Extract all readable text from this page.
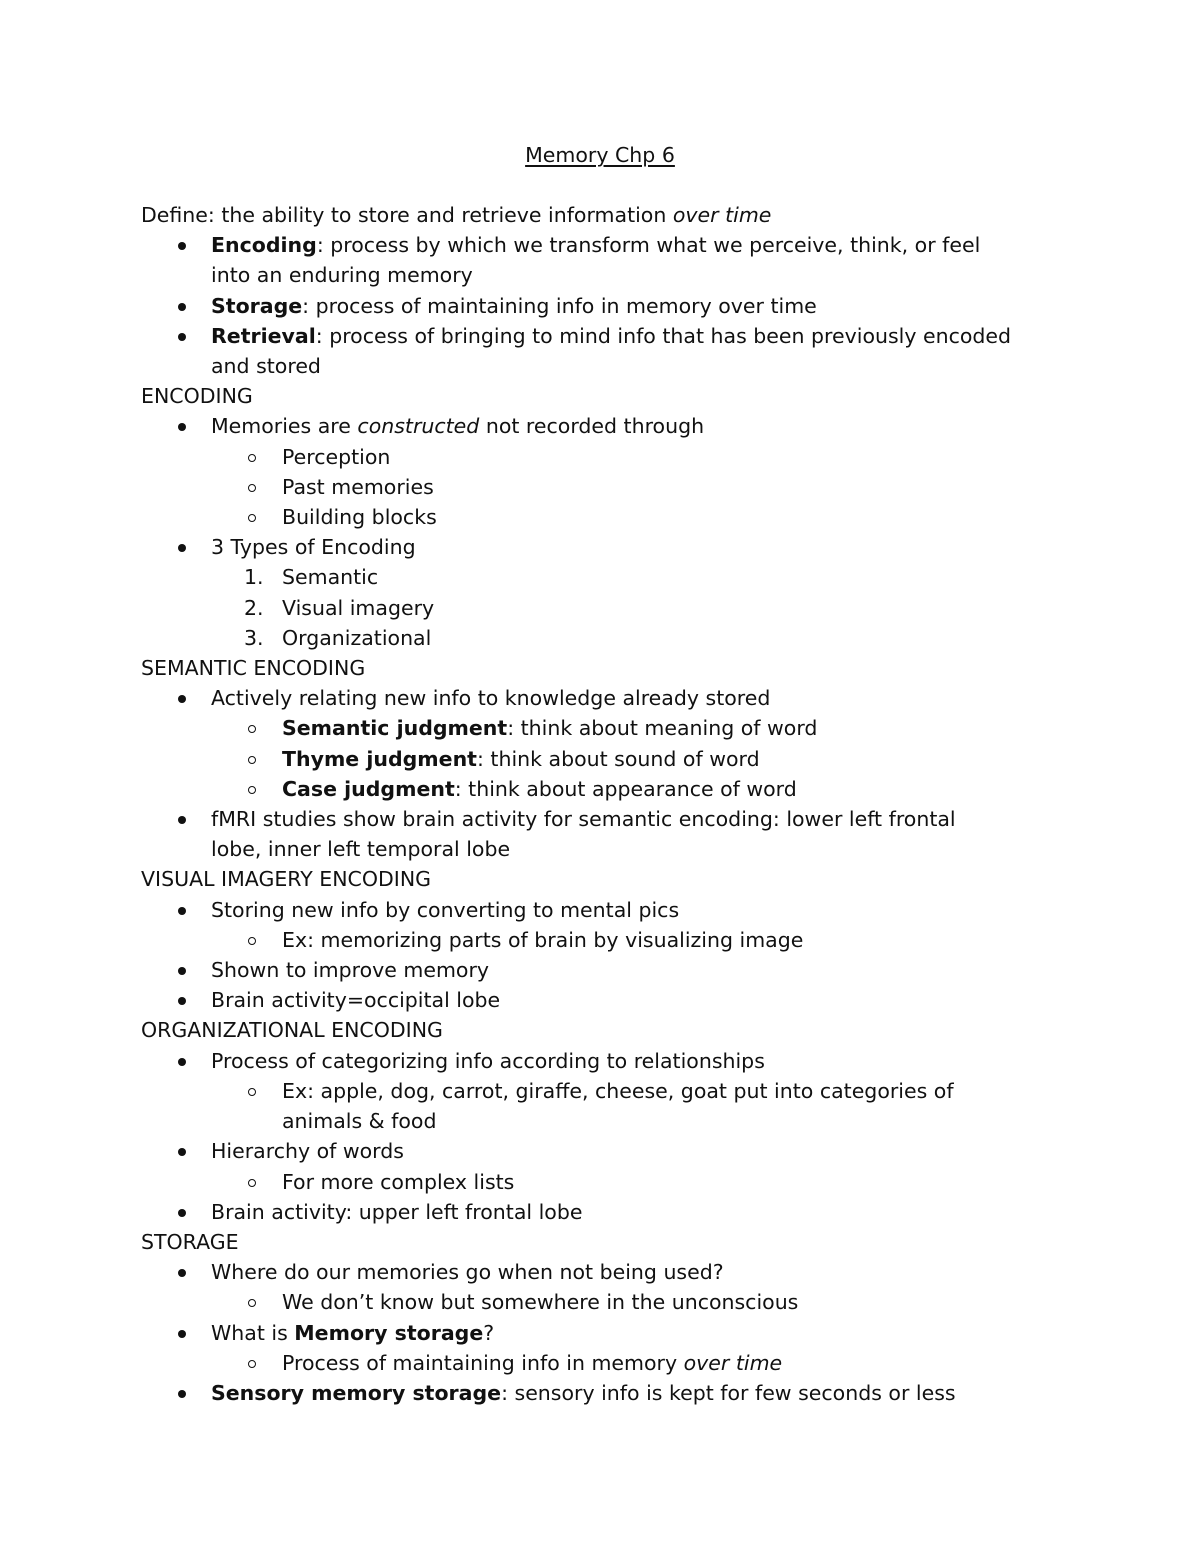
Memory Chp 6
Define: the ability to store and retrieve information over time
Encoding: process by which we transform what we perceive, think, or feel
into an enduring memory
Storage: process of maintaining info in memory over time
Retrieval: process of bringing to mind info that has been previously encoded
and stored
ENCODING
Memories are constructed not recorded through
Perception
Past memories
Building blocks
3 Types of Encoding
1. Semantic
2. Visual imagery
3. Organizational
SEMANTIC ENCODING
Actively relating new info to knowledge already stored
Semantic judgment: think about meaning of word
Thyme judgment: think about sound of word
Case judgment: think about appearance of word
fMRI studies show brain activity for semantic encoding: lower left frontal
lobe, inner left temporal lobe
VISUAL IMAGERY ENCODING
Storing new info by converting to mental pics
Ex: memorizing parts of brain by visualizing image
Shown to improve memory
Brain activity=occipital lobe
ORGANIZATIONAL ENCODING
Process of categorizing info according to relationships
Ex: apple, dog, carrot, giraffe, cheese, goat put into categories of
animals & food
Hierarchy of words
For more complex lists
Brain activity: upper left frontal lobe
STORAGE
Where do our memories go when not being used?
We don’t know but somewhere in the unconscious
What is Memory storage?
Process of maintaining info in memory over time
Sensory memory storage: sensory info is kept for few seconds or less
